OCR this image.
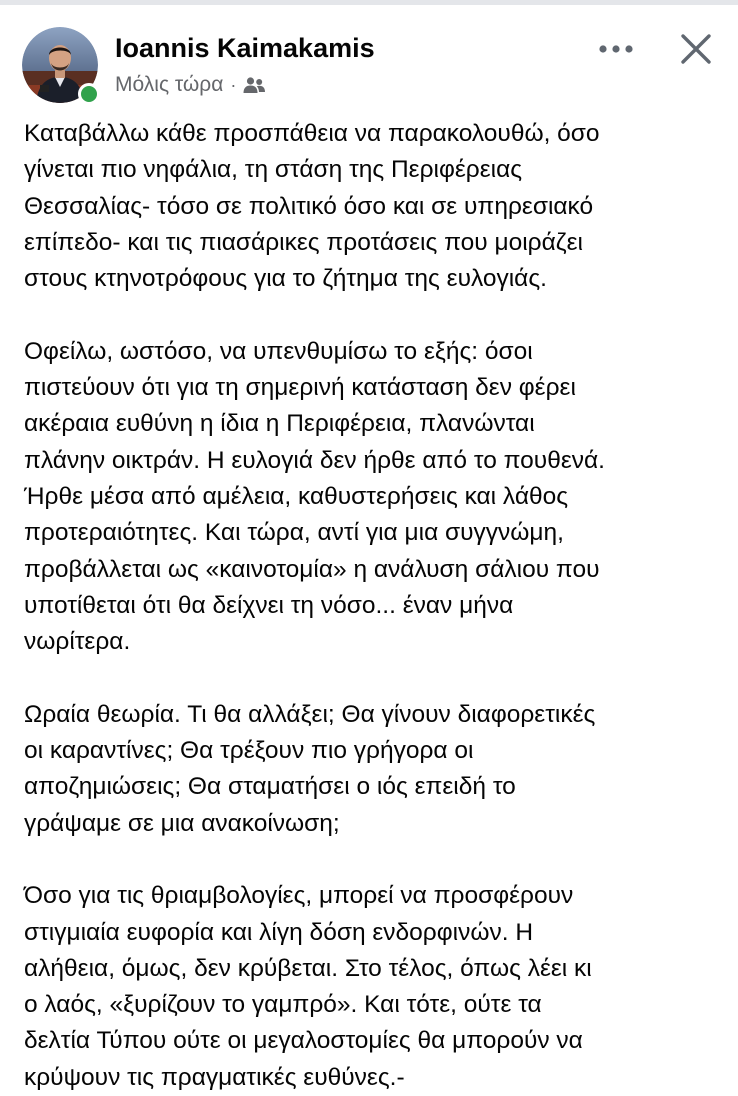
Ioannis Kaimakamis
Μόλις τώρα ·

Καταβάλλω κάθε προσπάθεια να παρακολουθώ, όσο
γίνεται πιο νηφάλια, τη στάση της Περιφέρειας
Θεσσαλίας- τόσο σε πολιτικό όσο και σε υπηρεσιακό
επίπεδο- και τις πιασάρικες προτάσεις που μοιράζει
στους κτηνοτρόφους για το ζήτημα της ευλογιάς.

Οφείλω, ωστόσο, να υπενθυμίσω το εξής: όσοι
πιστεύουν ότι για τη σημερινή κατάσταση δεν φέρει
ακέραια ευθύνη η ίδια η Περιφέρεια, πλανώνται
πλάνην οικτράν. Η ευλογιά δεν ήρθε από το πουθενά.
Ήρθε μέσα από αμέλεια, καθυστερήσεις και λάθος
προτεραιότητες. Και τώρα, αντί για μια συγγνώμη,
προβάλλεται ως «καινοτομία» η ανάλυση σάλιου που
υποτίθεται ότι θα δείχνει τη νόσο... έναν μήνα
νωρίτερα.

Ωραία θεωρία. Τι θα αλλάξει; Θα γίνουν διαφορετικές
οι καραντίνες; Θα τρέξουν πιο γρήγορα οι
αποζημιώσεις; Θα σταματήσει ο ιός επειδή το
γράψαμε σε μια ανακοίνωση;

Όσο για τις θριαμβολογίες, μπορεί να προσφέρουν
στιγμιαία ευφορία και λίγη δόση ενδορφινών. Η
αλήθεια, όμως, δεν κρύβεται. Στο τέλος, όπως λέει κι
ο λαός, «ξυρίζουν το γαμπρό». Και τότε, ούτε τα
δελτία Τύπου ούτε οι μεγαλοστομίες θα μπορούν να
κρύψουν τις πραγματικές ευθύνες.-
